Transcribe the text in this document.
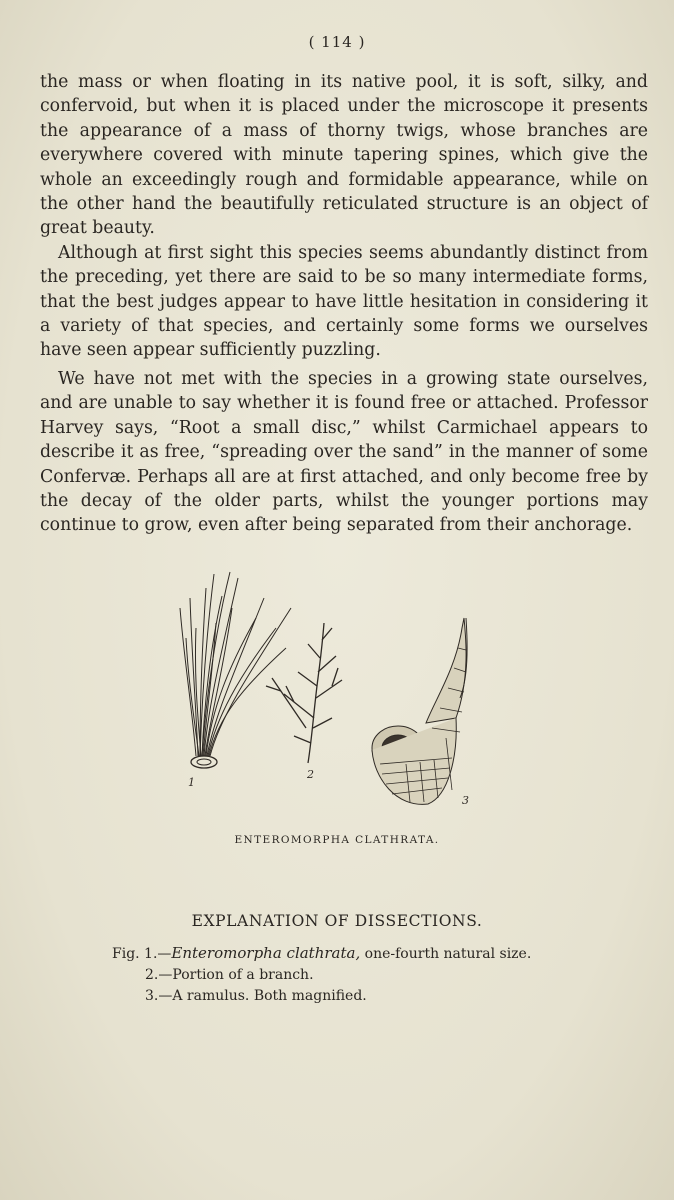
( 114 )

the mass or when floating in its native pool, it is soft, silky, and confervoid, but when it is placed under the microscope it presents the appearance of a mass of thorny twigs, whose branches are everywhere covered with minute tapering spines, which give the whole an exceedingly rough and formidable appearance, while on the other hand the beautifully reticulated structure is an object of great beauty.

Although at first sight this species seems abundantly distinct from the preceding, yet there are said to be so many intermediate forms, that the best judges appear to have little hesitation in considering it a variety of that species, and certainly some forms we ourselves have seen appear sufficiently puzzling.

We have not met with the species in a growing state ourselves, and are unable to say whether it is found free or attached. Professor Harvey says, “Root a small disc,” whilst Carmichael appears to describe it as free, “spreading over the sand” in the manner of some Confervæ. Perhaps all are at first attached, and only become free by the decay of the older parts, whilst the younger portions may continue to grow, even after being separated from their anchorage.

1
2
3
ENTEROMORPHA CLATHRATA.
EXPLANATION OF DISSECTIONS.
Fig. 1.—Enteromorpha clathrata, one-fourth natural size.
2.—Portion of a branch.
3.—A ramulus. Both magnified.
